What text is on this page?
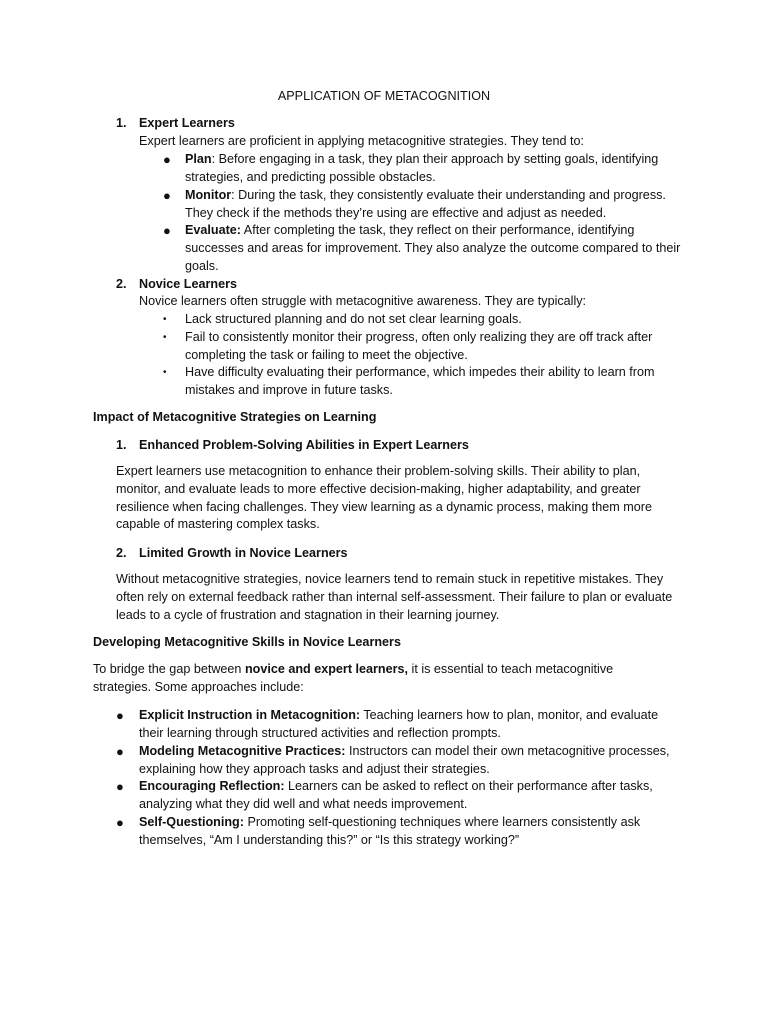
APPLICATION OF METACOGNITION
1. Expert Learners
Expert learners are proficient in applying metacognitive strategies. They tend to:
● Plan: Before engaging in a task, they plan their approach by setting goals, identifying strategies, and predicting possible obstacles.
● Monitor: During the task, they consistently evaluate their understanding and progress. They check if the methods they’re using are effective and adjust as needed.
● Evaluate: After completing the task, they reflect on their performance, identifying successes and areas for improvement. They also analyze the outcome compared to their goals.
2. Novice Learners
Novice learners often struggle with metacognitive awareness. They are typically:
• Lack structured planning and do not set clear learning goals.
• Fail to consistently monitor their progress, often only realizing they are off track after completing the task or failing to meet the objective.
• Have difficulty evaluating their performance, which impedes their ability to learn from mistakes and improve in future tasks.
Impact of Metacognitive Strategies on Learning
1. Enhanced Problem-Solving Abilities in Expert Learners
Expert learners use metacognition to enhance their problem-solving skills. Their ability to plan, monitor, and evaluate leads to more effective decision-making, higher adaptability, and greater resilience when facing challenges. They view learning as a dynamic process, making them more capable of mastering complex tasks.
2. Limited Growth in Novice Learners
Without metacognitive strategies, novice learners tend to remain stuck in repetitive mistakes. They often rely on external feedback rather than internal self-assessment. Their failure to plan or evaluate leads to a cycle of frustration and stagnation in their learning journey.
Developing Metacognitive Skills in Novice Learners
To bridge the gap between novice and expert learners, it is essential to teach metacognitive strategies. Some approaches include:
● Explicit Instruction in Metacognition: Teaching learners how to plan, monitor, and evaluate their learning through structured activities and reflection prompts.
● Modeling Metacognitive Practices: Instructors can model their own metacognitive processes, explaining how they approach tasks and adjust their strategies.
● Encouraging Reflection: Learners can be asked to reflect on their performance after tasks, analyzing what they did well and what needs improvement.
● Self-Questioning: Promoting self-questioning techniques where learners consistently ask themselves, “Am I understanding this?” or “Is this strategy working?”
